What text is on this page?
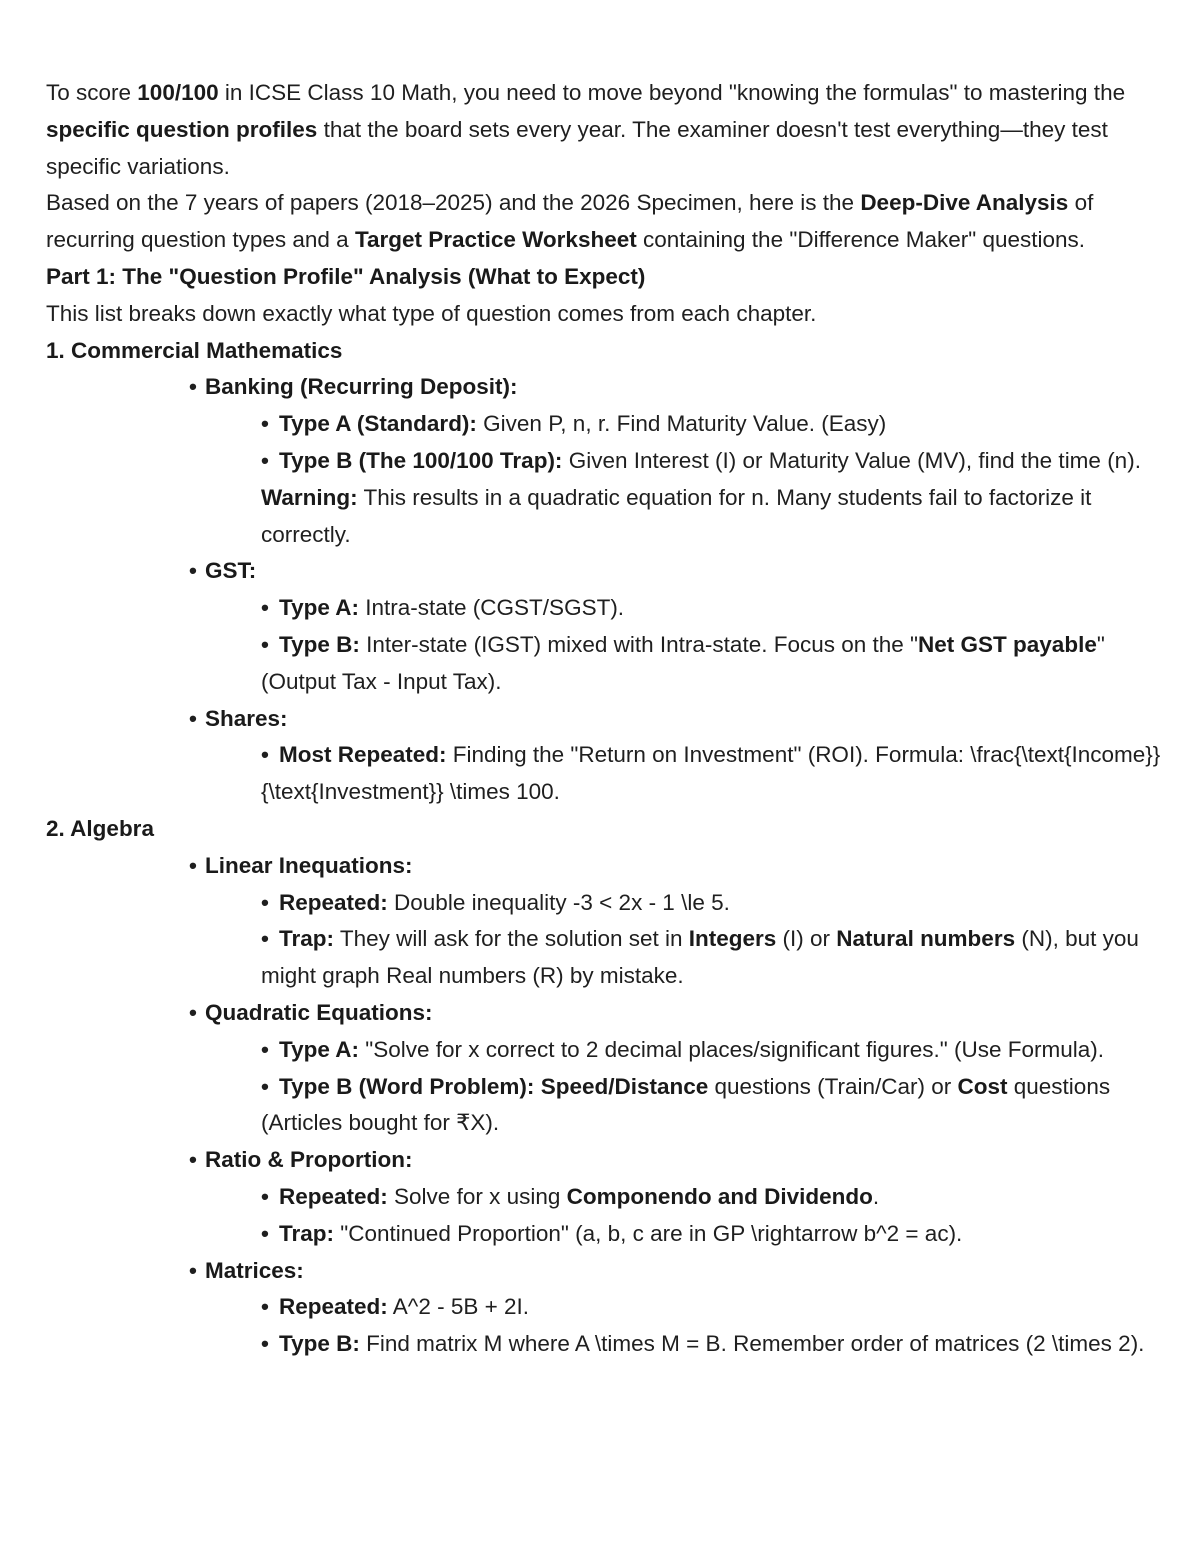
To score 100/100 in ICSE Class 10 Math, you need to move beyond "knowing the formulas" to mastering the specific question profiles that the board sets every year. The examiner doesn't test everything—they test specific variations.

Based on the 7 years of papers (2018–2025) and the 2026 Specimen, here is the Deep-Dive Analysis of recurring question types and a Target Practice Worksheet containing the "Difference Maker" questions.

Part 1: The "Question Profile" Analysis (What to Expect)

This list breaks down exactly what type of question comes from each chapter.

1. Commercial Mathematics

• Banking (Recurring Deposit):
• Type A (Standard): Given P, n, r. Find Maturity Value. (Easy)
• Type B (The 100/100 Trap): Given Interest (I) or Maturity Value (MV), find the time (n). Warning: This results in a quadratic equation for n. Many students fail to factorize it correctly.
• GST:
• Type A: Intra-state (CGST/SGST).
• Type B: Inter-state (IGST) mixed with Intra-state. Focus on the "Net GST payable" (Output Tax - Input Tax).
• Shares:
• Most Repeated: Finding the "Return on Investment" (ROI). Formula: \frac{\text{Income}}{\text{Investment}} \times 100.

2. Algebra

• Linear Inequations:
• Repeated: Double inequality -3 < 2x - 1 \le 5.
• Trap: They will ask for the solution set in Integers (I) or Natural numbers (N), but you might graph Real numbers (R) by mistake.
• Quadratic Equations:
• Type A: "Solve for x correct to 2 decimal places/significant figures." (Use Formula).
• Type B (Word Problem): Speed/Distance questions (Train/Car) or Cost questions (Articles bought for ₹X).
• Ratio & Proportion:
• Repeated: Solve for x using Componendo and Dividendo.
• Trap: "Continued Proportion" (a, b, c are in GP \rightarrow b^2 = ac).
• Matrices:
• Repeated: A^2 - 5B + 2I.
• Type B: Find matrix M where A \times M = B. Remember order of matrices (2 \times 2).
